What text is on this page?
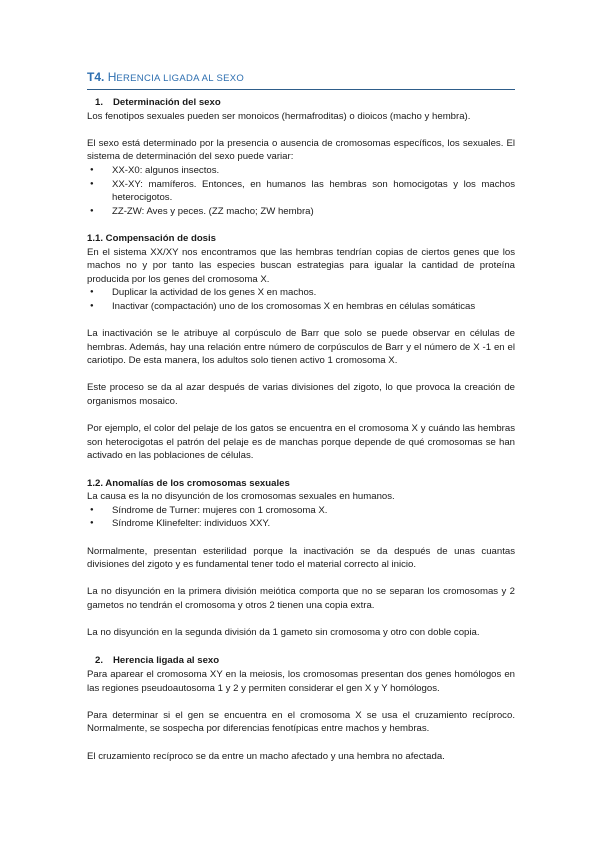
T4. HERENCIA LIGADA AL SEXO
1. Determinación del sexo

Los fenotipos sexuales pueden ser monoicos (hermafroditas) o dioicos (macho y hembra).

El sexo está determinado por la presencia o ausencia de cromosomas específicos, los sexuales. El sistema de determinación del sexo puede variar:

● XX-X0: algunos insectos.
● XX-XY: mamíferos. Entonces, en humanos las hembras son homocigotas y los machos heterocigotos.
● ZZ-ZW: Aves y peces. (ZZ macho; ZW hembra)
1.1. Compensación de dosis

En el sistema XX/XY nos encontramos que las hembras tendrían copias de ciertos genes que los machos no y por tanto las especies buscan estrategias para igualar la cantidad de proteína producida por los genes del cromosoma X.

● Duplicar la actividad de los genes X en machos.
● Inactivar (compactación) uno de los cromosomas X en hembras en células somáticas

La inactivación se le atribuye al corpúsculo de Barr que solo se puede observar en células de hembras. Además, hay una relación entre número de corpúsculos de Barr y el número de X -1 en el cariotipo. De esta manera, los adultos solo tienen activo 1 cromosoma X.

Este proceso se da al azar después de varias divisiones del zigoto, lo que provoca la creación de organismos mosaico.

Por ejemplo, el color del pelaje de los gatos se encuentra en el cromosoma X y cuándo las hembras son heterocigotas el patrón del pelaje es de manchas porque depende de qué cromosomas se han activado en las poblaciones de células.

1.2. Anomalías de los cromosomas sexuales

La causa es la no disyunción de los cromosomas sexuales en humanos.

● Síndrome de Turner: mujeres con 1 cromosoma X.
● Síndrome Klinefelter: individuos XXY.

Normalmente, presentan esterilidad porque la inactivación se da después de unas cuantas divisiones del zigoto y es fundamental tener todo el material correcto al inicio.

La no disyunción en la primera división meiótica comporta que no se separan los cromosomas y 2 gametos no tendrán el cromosoma y otros 2 tienen una copia extra.

La no disyunción en la segunda división da 1 gameto sin cromosoma y otro con doble copia.

2. Herencia ligada al sexo

Para aparear el cromosoma XY en la meiosis, los cromosomas presentan dos genes homólogos en las regiones pseudoautosoma 1 y 2 y permiten considerar el gen X y Y homólogos.

Para determinar si el gen se encuentra en el cromosoma X se usa el cruzamiento recíproco. Normalmente, se sospecha por diferencias fenotípicas entre machos y hembras.

El cruzamiento recíproco se da entre un macho afectado y una hembra no afectada.
